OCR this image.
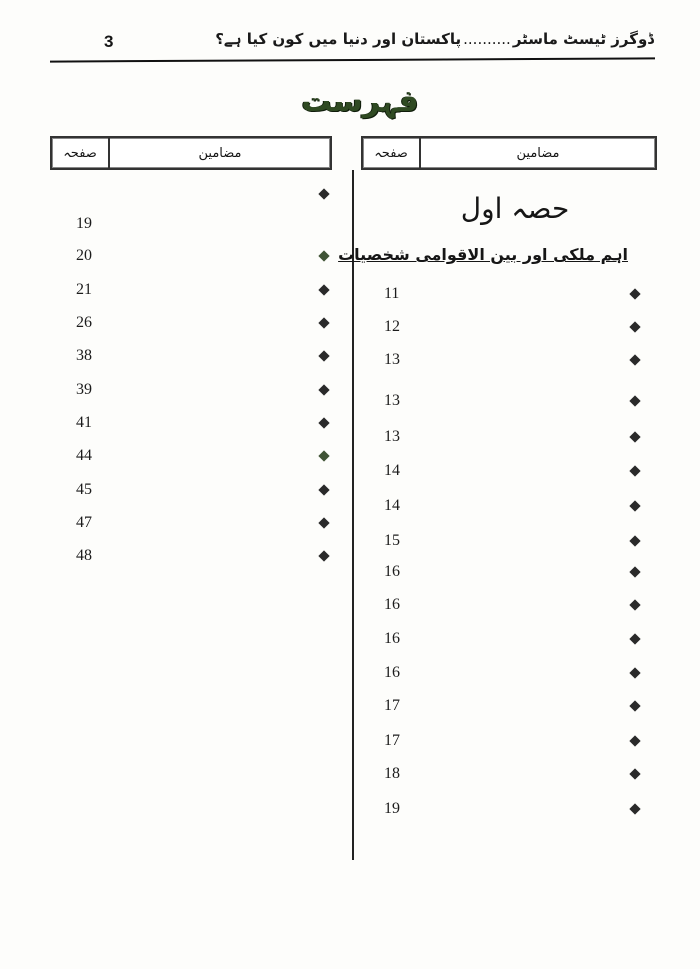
ڈوگرز ٹیسٹ ماسٹر..........پاکستان اور دنیا میں کون کیا ہے؟
3
فہرست
صفحہ	مضامین	صفحہ	مضامین
حصہ اول
اہم ملکی اور بین الاقوامی شخصیات
11
12
13
13
13
14
14
15
16
16
16
16
17
17
18
19
19
20
21
26
38
39
41
44
45
47
48
